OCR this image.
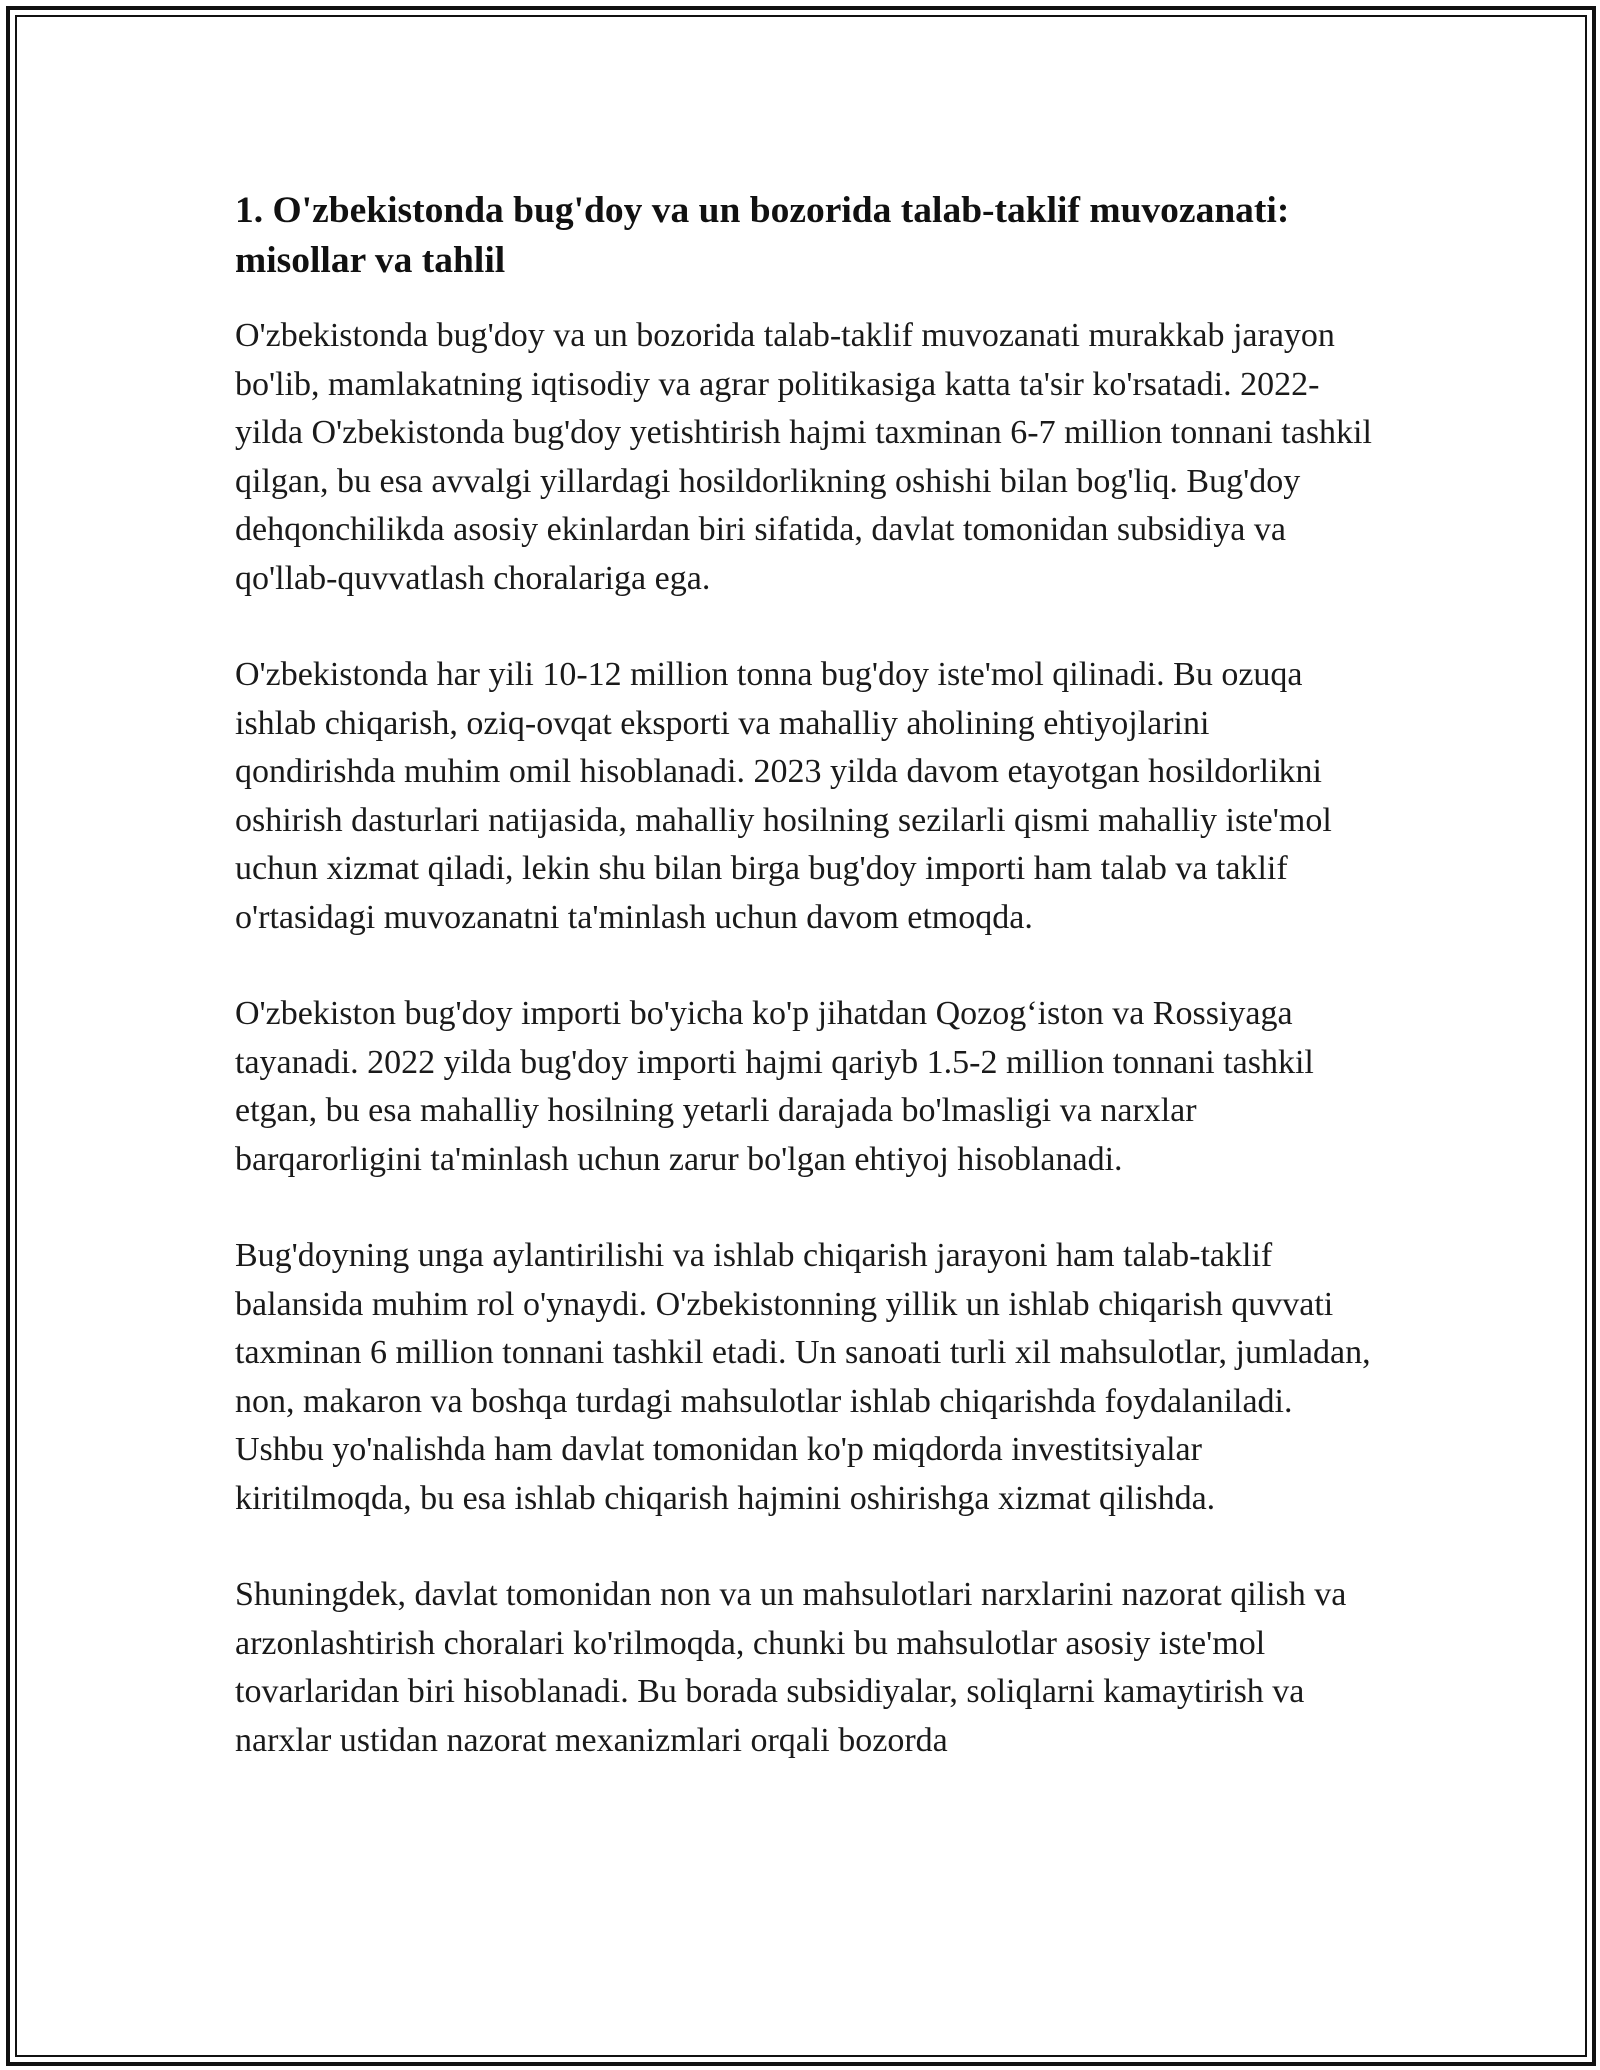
1. O'zbekistonda bug'doy va un bozorida talab-taklif muvozanati: misollar va tahlil

O'zbekistonda bug'doy va un bozorida talab-taklif muvozanati murakkab jarayon bo'lib, mamlakatning iqtisodiy va agrar politikasiga katta ta'sir ko'rsatadi. 2022-yilda O'zbekistonda bug'doy yetishtirish hajmi taxminan 6-7 million tonnani tashkil qilgan, bu esa avvalgi yillardagi hosildorlikning oshishi bilan bog'liq. Bug'doy dehqonchilikda asosiy ekinlardan biri sifatida, davlat tomonidan subsidiya va qo'llab-quvvatlash choralariga ega.

O'zbekistonda har yili 10-12 million tonna bug'doy iste'mol qilinadi. Bu ozuqa ishlab chiqarish, oziq-ovqat eksporti va mahalliy aholining ehtiyojlarini qondirishda muhim omil hisoblanadi. 2023 yilda davom etayotgan hosildorlikni oshirish dasturlari natijasida, mahalliy hosilning sezilarli qismi mahalliy iste'mol uchun xizmat qiladi, lekin shu bilan birga bug'doy importi ham talab va taklif o'rtasidagi muvozanatni ta'minlash uchun davom etmoqda.

O'zbekiston bug'doy importi bo'yicha ko'p jihatdan Qozog‘iston va Rossiyaga tayanadi. 2022 yilda bug'doy importi hajmi qariyb 1.5-2 million tonnani tashkil etgan, bu esa mahalliy hosilning yetarli darajada bo'lmasligi va narxlar barqarorligini ta'minlash uchun zarur bo'lgan ehtiyoj hisoblanadi.

Bug'doyning unga aylantirilishi va ishlab chiqarish jarayoni ham talab-taklif balansida muhim rol o'ynaydi. O'zbekistonning yillik un ishlab chiqarish quvvati taxminan 6 million tonnani tashkil etadi. Un sanoati turli xil mahsulotlar, jumladan, non, makaron va boshqa turdagi mahsulotlar ishlab chiqarishda foydalaniladi. Ushbu yo'nalishda ham davlat tomonidan ko'p miqdorda investitsiyalar kiritilmoqda, bu esa ishlab chiqarish hajmini oshirishga xizmat qilishda.

Shuningdek, davlat tomonidan non va un mahsulotlari narxlarini nazorat qilish va arzonlashtirish choralari ko'rilmoqda, chunki bu mahsulotlar asosiy iste'mol tovarlaridan biri hisoblanadi. Bu borada subsidiyalar, soliqlarni kamaytirish va narxlar ustidan nazorat mexanizmlari orqali bozorda
